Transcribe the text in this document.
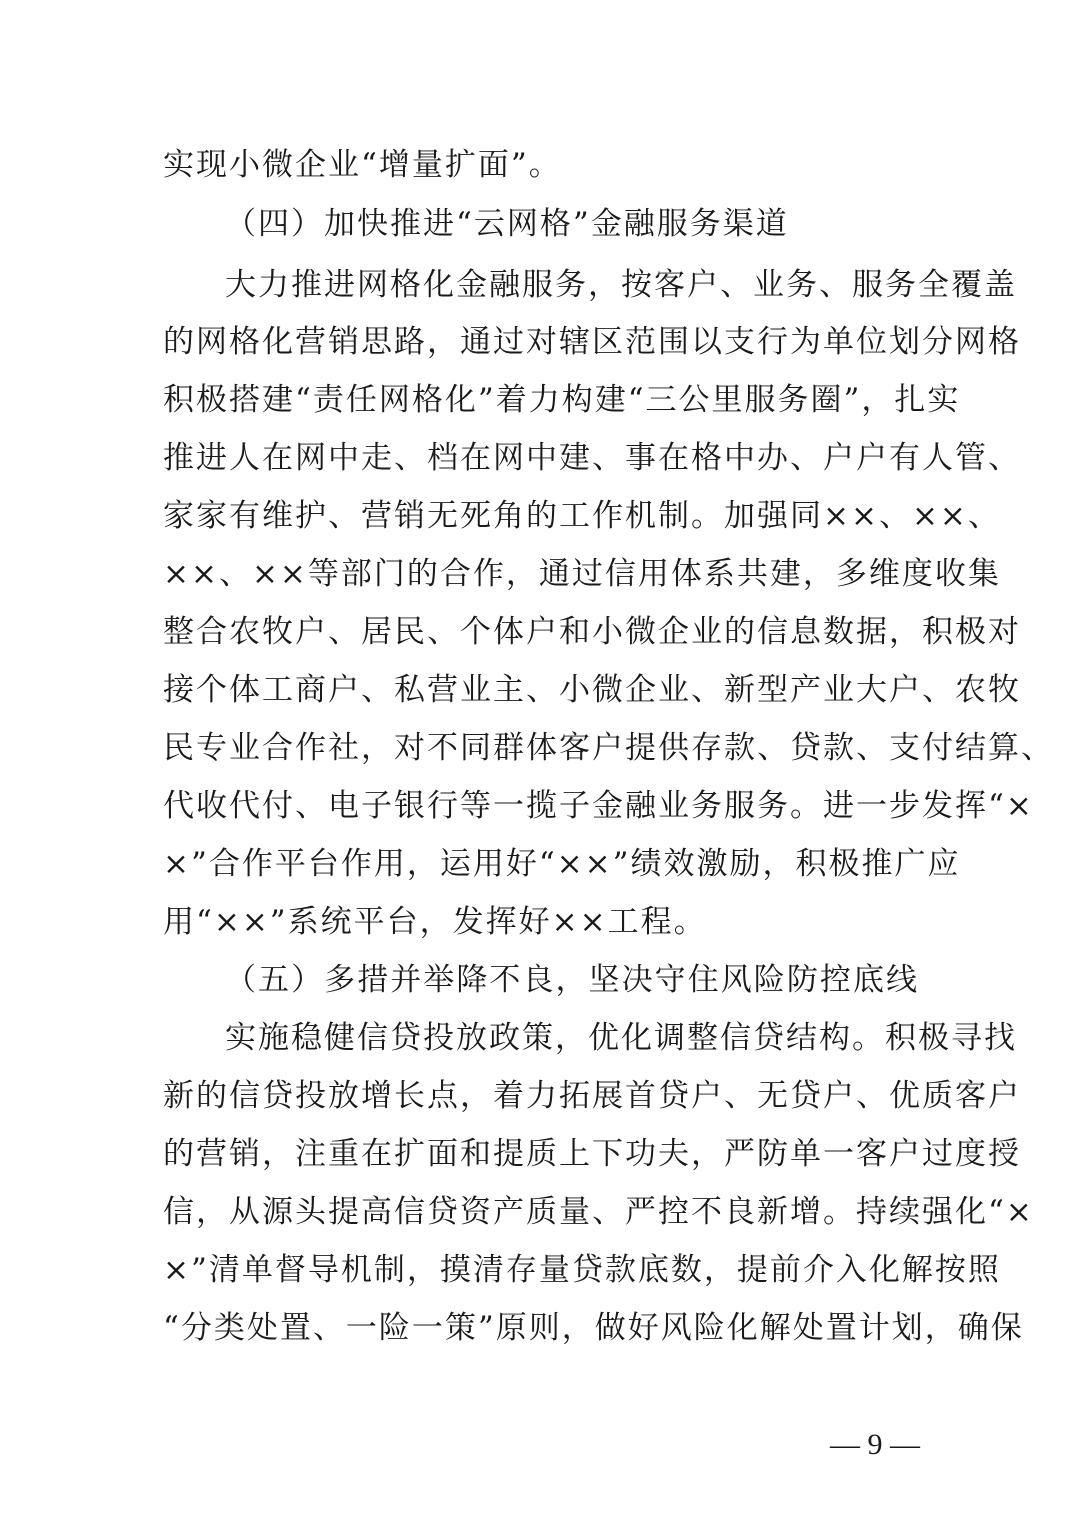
实现小微企业“增量扩面”。
（四）加快推进“云网格”金融服务渠道
大力推进网格化金融服务，按客户、业务、服务全覆盖
的网格化营销思路，通过对辖区范围以支行为单位划分网格
积极搭建“责任网格化”着力构建“三公里服务圈”，扎实
推进人在网中走、档在网中建、事在格中办、户户有人管、
家家有维护、营销无死角的工作机制。加强同××、××、
××、××等部门的合作，通过信用体系共建，多维度收集
整合农牧户、居民、个体户和小微企业的信息数据，积极对
接个体工商户、私营业主、小微企业、新型产业大户、农牧
民专业合作社，对不同群体客户提供存款、贷款、支付结算、
代收代付、电子银行等一揽子金融业务服务。进一步发挥“×
×”合作平台作用，运用好“××”绩效激励，积极推广应
用“××”系统平台，发挥好××工程。
（五）多措并举降不良，坚决守住风险防控底线
实施稳健信贷投放政策，优化调整信贷结构。积极寻找
新的信贷投放增长点，着力拓展首贷户、无贷户、优质客户
的营销，注重在扩面和提质上下功夫，严防单一客户过度授
信，从源头提高信贷资产质量、严控不良新增。持续强化“×
×”清单督导机制，摸清存量贷款底数，提前介入化解按照
“分类处置、一险一策”原则，做好风险化解处置计划，确保
— 9 —
